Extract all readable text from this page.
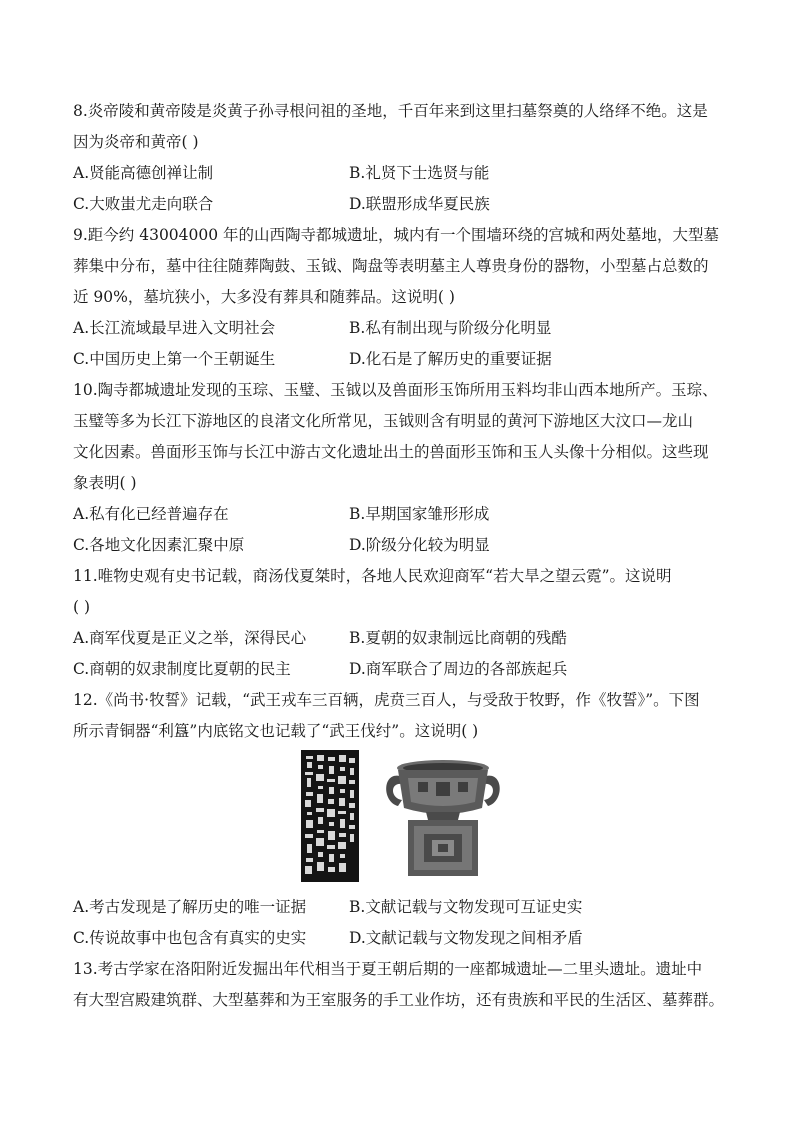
8.炎帝陵和黄帝陵是炎黄子孙寻根问祖的圣地，千百年来到这里扫墓祭奠的人络绎不绝。这是
因为炎帝和黄帝( )
A.贤能高德创禅让制	B.礼贤下士选贤与能
C.大败蚩尤走向联合	D.联盟形成华夏民族
9.距今约 43004000 年的山西陶寺都城遗址，城内有一个围墙环绕的宫城和两处墓地，大型墓
葬集中分布，墓中往往随葬陶鼓、玉钺、陶盘等表明墓主人尊贵身份的器物，小型墓占总数的
近 90%，墓坑狭小，大多没有葬具和随葬品。这说明( )
A.长江流域最早进入文明社会	B.私有制出现与阶级分化明显
C.中国历史上第一个王朝诞生	D.化石是了解历史的重要证据
10.陶寺都城遗址发现的玉琮、玉璧、玉钺以及兽面形玉饰所用玉料均非山西本地所产。玉琮、
玉璧等多为长江下游地区的良渚文化所常见，玉钺则含有明显的黄河下游地区大汶口—龙山
文化因素。兽面形玉饰与长江中游古文化遗址出土的兽面形玉饰和玉人头像十分相似。这些现
象表明( )
A.私有化已经普遍存在	B.早期国家雏形形成
C.各地文化因素汇聚中原	D.阶级分化较为明显
11.唯物史观有史书记载，商汤伐夏桀时，各地人民欢迎商军“若大旱之望云霓”。这说明
( )
A.商军伐夏是正义之举，深得民心	B.夏朝的奴隶制远比商朝的残酷
C.商朝的奴隶制度比夏朝的民主	D.商军联合了周边的各部族起兵
12.《尚书·牧誓》记载，“武王戎车三百辆，虎贲三百人，与受敌于牧野，作《牧誓》”。下图
所示青铜器“利簋”内底铭文也记载了“武王伐纣”。这说明( )
A.考古发现是了解历史的唯一证据	B.文献记载与文物发现可互证史实
C.传说故事中也包含有真实的史实	D.文献记载与文物发现之间相矛盾
13.考古学家在洛阳附近发掘出年代相当于夏王朝后期的一座都城遗址—二里头遗址。遗址中
有大型宫殿建筑群、大型墓葬和为王室服务的手工业作坊，还有贵族和平民的生活区、墓葬群。
